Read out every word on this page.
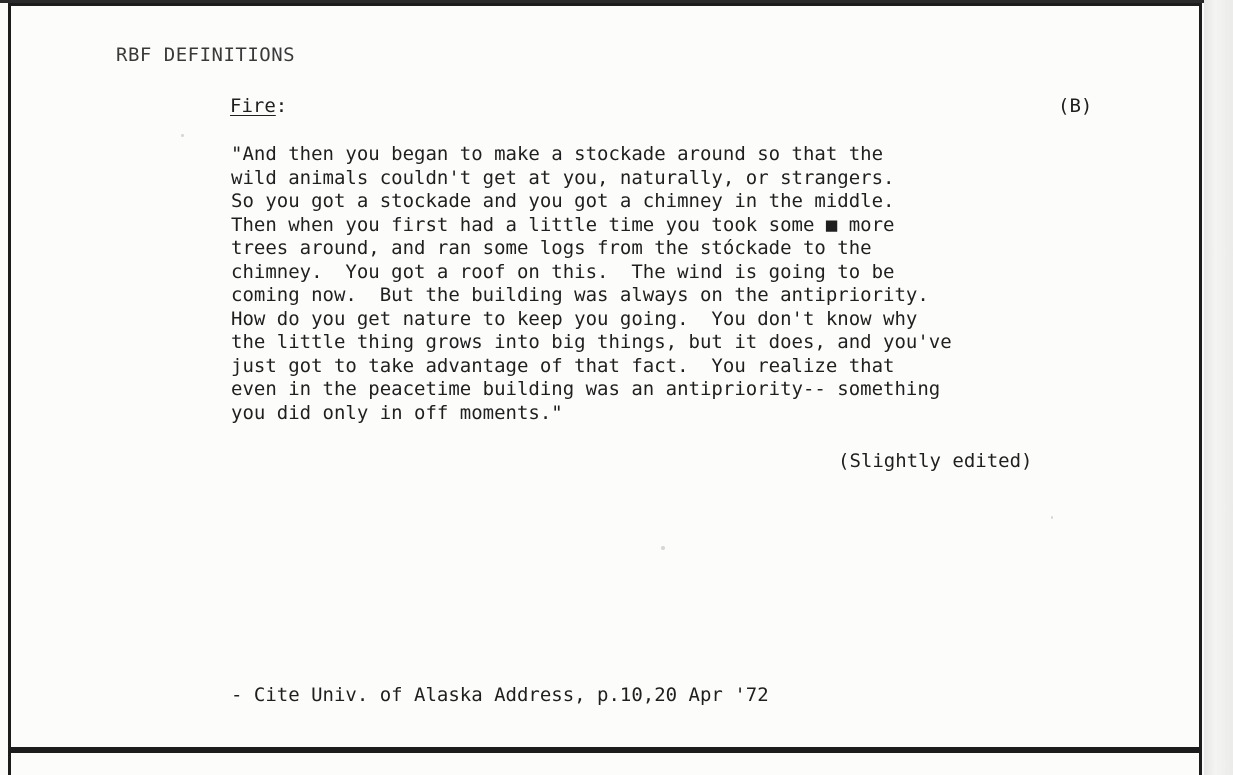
RBF DEFINITIONS
Fire:	(B)
"And then you began to make a stockade around so that the
wild animals couldn't get at you, naturally, or strangers.
So you got a stockade and you got a chimney in the middle.
Then when you first had a little time you took some ■ more
trees around, and ran some logs from the stóckade to the
chimney.  You got a roof on this.  The wind is going to be
coming now.  But the building was always on the antipriority.
How do you get nature to keep you going.  You don't know why
the little thing grows into big things, but it does, and you've
just got to take advantage of that fact.  You realize that
even in the peacetime building was an antipriority-- something
you did only in off moments."
(Slightly edited)
- Cite Univ. of Alaska Address, p.10,20 Apr '72
